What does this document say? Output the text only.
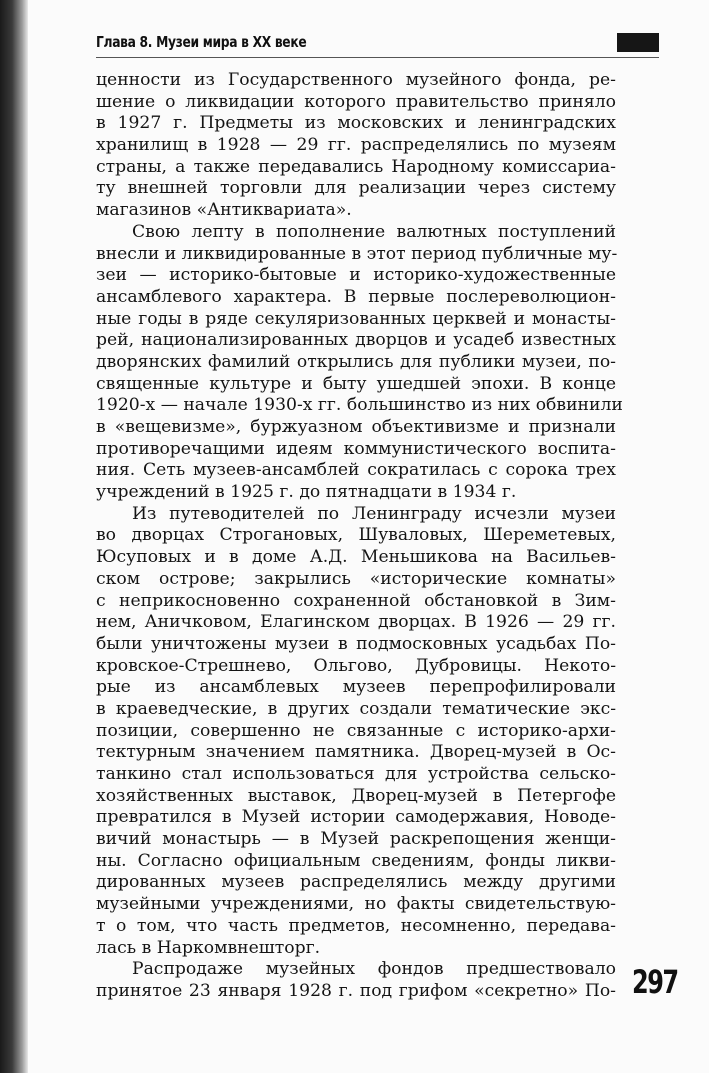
Глава 8. Музеи мира в XX веке
ценности из Государственного музейного фонда, ре-
шение о ликвидации которого правительство приняло
в 1927 г. Предметы из московских и ленинградских
хранилищ в 1928 — 29 гг. распределялись по музеям
страны, а также передавались Народному комиссариа-
ту внешней торговли для реализации через систему
магазинов «Антиквариата».
Свою лепту в пополнение валютных поступлений
внесли и ликвидированные в этот период публичные му-
зеи — историко-бытовые и историко-художественные
ансамблевого характера. В первые послереволюцион-
ные годы в ряде секуляризованных церквей и монасты-
рей, национализированных дворцов и усадеб известных
дворянских фамилий открылись для публики музеи, по-
священные культуре и быту ушедшей эпохи. В конце
1920-х — начале 1930-х гг. большинство из них обвинили
в «вещевизме», буржуазном объективизме и признали
противоречащими идеям коммунистического воспита-
ния. Сеть музеев-ансамблей сократилась с сорока трех
учреждений в 1925 г. до пятнадцати в 1934 г.
Из путеводителей по Ленинграду исчезли музеи
во дворцах Строгановых, Шуваловых, Шереметевых,
Юсуповых и в доме А.Д. Меньшикова на Васильев-
ском острове; закрылись «исторические комнаты»
с неприкосновенно сохраненной обстановкой в Зим-
нем, Аничковом, Елагинском дворцах. В 1926 — 29 гг.
были уничтожены музеи в подмосковных усадьбах По-
кровское-Стрешнево, Ольгово, Дубровицы. Некото-
рые из ансамблевых музеев перепрофилировали
в краеведческие, в других создали тематические экс-
позиции, совершенно не связанные с историко-архи-
тектурным значением памятника. Дворец-музей в Ос-
танкино стал использоваться для устройства сельско-
хозяйственных выставок, Дворец-музей в Петергофе
превратился в Музей истории самодержавия, Новоде-
вичий монастырь — в Музей раскрепощения женщи-
ны. Согласно официальным сведениям, фонды ликви-
дированных музеев распределялись между другими
музейными учреждениями, но факты свидетельствую-
т о том, что часть предметов, несомненно, передава-
лась в Наркомвнешторг.
Распродаже музейных фондов предшествовало
принятое 23 января 1928 г. под грифом «секретно» По- 297
